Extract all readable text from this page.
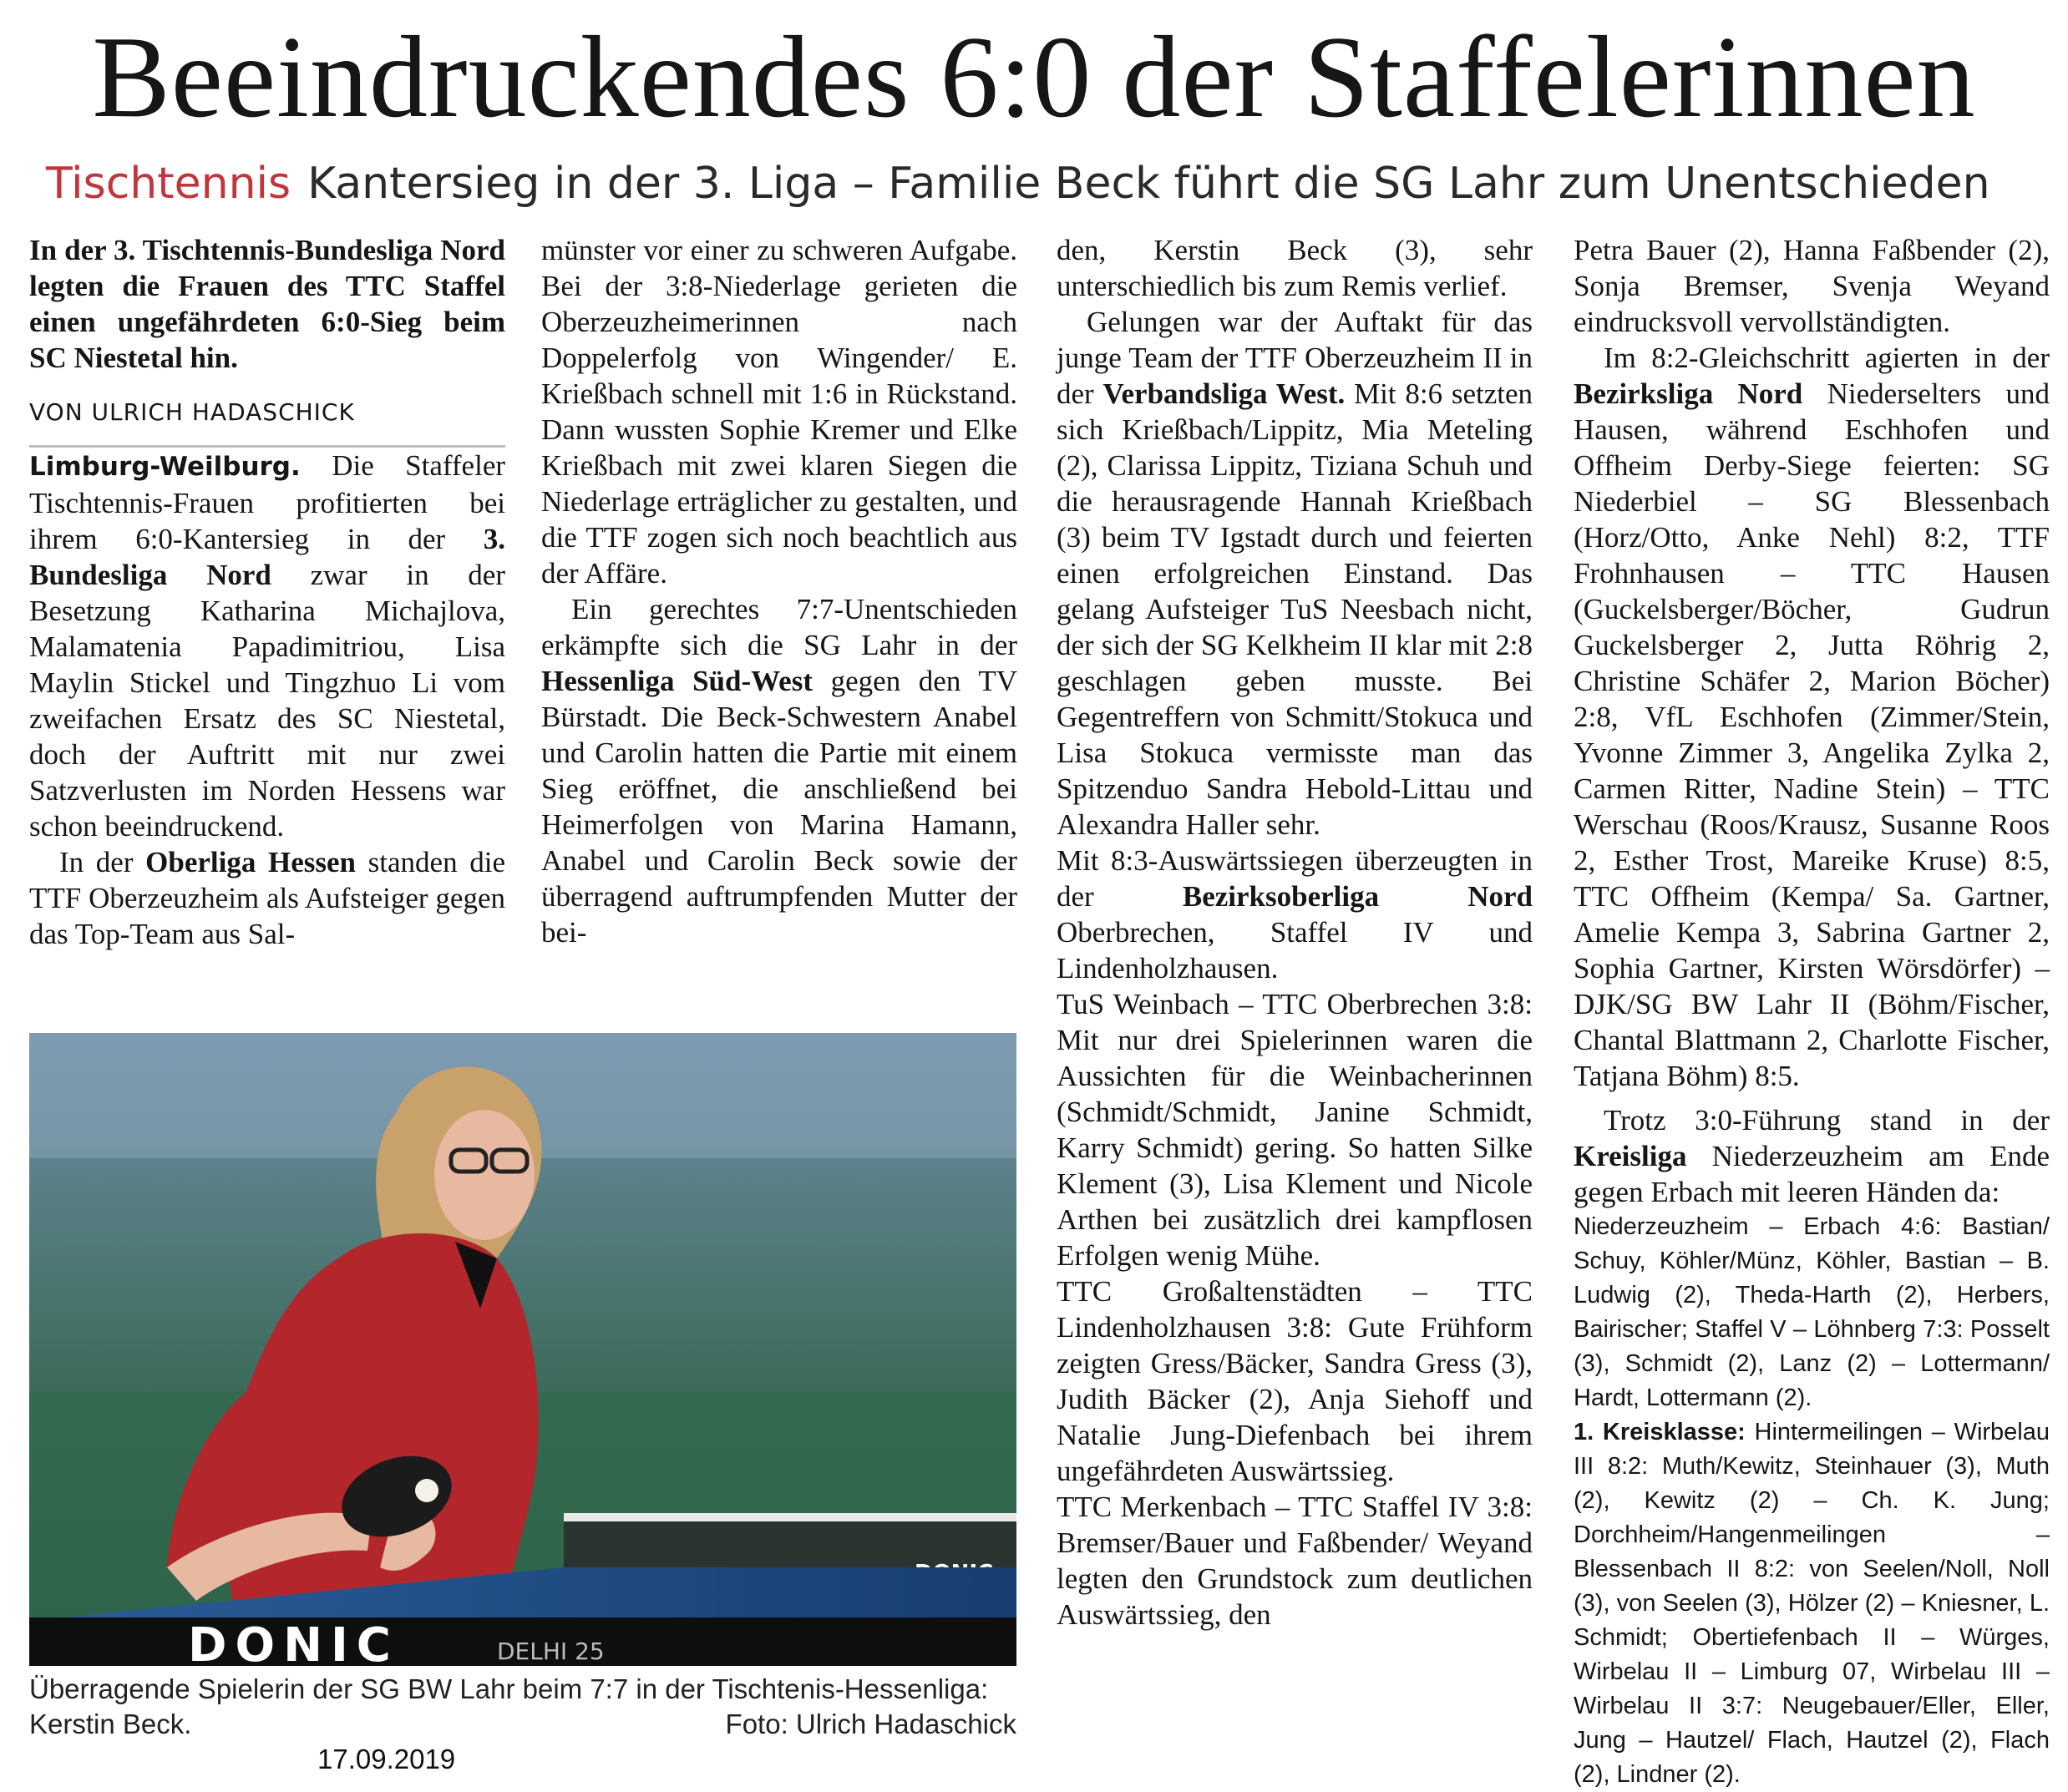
Beeindruckendes 6:0 der Staffelerinnen
Tischtennis Kantersieg in der 3. Liga – Familie Beck führt die SG Lahr zum Unentschieden

In der 3. Tischtennis-Bundesliga Nord legten die Frauen des TTC Staffel einen ungefährdeten 6:0-Sieg beim SC Niestetal hin.

VON ULRICH HADASCHICK

Limburg-Weilburg. Die Staffeler Tischtennis-Frauen profitierten bei ihrem 6:0-Kantersieg in der 3. Bundesliga Nord zwar in der Besetzung Katharina Michajlova, Malamatenia Papadimitriou, Lisa Maylin Stickel und Tingzhuo Li vom zweifachen Ersatz des SC Niestetal, doch der Auftritt mit nur zwei Satzverlusten im Norden Hessens war schon beeindruckend.

In der Oberliga Hessen standen die TTF Oberzeuzheim als Aufsteiger gegen das Top-Team aus Sal-

münster vor einer zu schweren Aufgabe. Bei der 3:8-Niederlage gerieten die Oberzeuzheimerinnen nach Doppelerfolg von Wingender/ E. Krießbach schnell mit 1:6 in Rückstand. Dann wussten Sophie Kremer und Elke Krießbach mit zwei klaren Siegen die Niederlage erträglicher zu gestalten, und die TTF zogen sich noch beachtlich aus der Affäre.

Ein gerechtes 7:7-Unentschieden erkämpfte sich die SG Lahr in der Hessenliga Süd-West gegen den TV Bürstadt. Die Beck-Schwestern Anabel und Carolin hatten die Partie mit einem Sieg eröffnet, die anschließend bei Heimerfolgen von Marina Hamann, Anabel und Carolin Beck sowie der überragend auftrumpfenden Mutter der bei-

den, Kerstin Beck (3), sehr unterschiedlich bis zum Remis verlief.

Gelungen war der Auftakt für das junge Team der TTF Oberzeuzheim II in der Verbandsliga West. Mit 8:6 setzten sich Krießbach/Lippitz, Mia Meteling (2), Clarissa Lippitz, Tiziana Schuh und die herausragende Hannah Krießbach (3) beim TV Igstadt durch und feierten einen erfolgreichen Einstand. Das gelang Aufsteiger TuS Neesbach nicht, der sich der SG Kelkheim II klar mit 2:8 geschlagen geben musste. Bei Gegentreffern von Schmitt/Stokuca und Lisa Stokuca vermisste man das Spitzenduo Sandra Hebold-Littau und Alexandra Haller sehr.

Mit 8:3-Auswärtssiegen überzeugten in der	Bezirksoberliga Nord Oberbrechen, Staffel IV und Lindenholzhausen.

TuS Weinbach – TTC Oberbrechen 3:8: Mit nur drei Spielerinnen waren die Aussichten für die Weinbacherinnen (Schmidt/Schmidt, Janine Schmidt, Karry Schmidt) gering. So hatten Silke Klement (3), Lisa Klement und Nicole Arthen bei zusätzlich drei kampflosen Erfolgen wenig Mühe.

TTC Großaltenstädten – TTC Lindenholzhausen 3:8: Gute Frühform zeigten Gress/Bäcker, Sandra Gress (3), Judith Bäcker (2), Anja Siehoff und Natalie Jung-Diefenbach bei ihrem ungefährdeten Auswärtssieg.

TTC Merkenbach – TTC Staffel IV 3:8: Bremser/Bauer und Faßbender/ Weyand legten den Grundstock zum deutlichen Auswärtssieg, den

Petra Bauer (2), Hanna Faßbender (2), Sonja Bremser, Svenja Weyand eindrucksvoll vervollständigten.

Im 8:2-Gleichschritt agierten in der Bezirksliga Nord Niederselters und Hausen, während Eschhofen und Offheim Derby-Siege feierten: SG Niederbiel – SG Blessenbach (Horz/Otto, Anke Nehl) 8:2, TTF Frohnhausen – TTC Hausen (Guckelsberger/Böcher, Gudrun Guckelsberger 2, Jutta Röhrig 2, Christine Schäfer 2, Marion Böcher) 2:8, VfL Eschhofen (Zimmer/Stein, Yvonne Zimmer 3, Angelika Zylka 2, Carmen Ritter, Nadine Stein) – TTC Werschau (Roos/Krausz, Susanne Roos 2, Esther Trost, Mareike Kruse) 8:5, TTC Offheim (Kempa/ Sa. Gartner, Amelie Kempa 3, Sabrina Gartner 2, Sophia Gartner, Kirsten Wörsdörfer) – DJK/SG BW Lahr II (Böhm/Fischer, Chantal Blattmann 2, Charlotte Fischer, Tatjana Böhm) 8:5.

Trotz 3:0-Führung stand in der Kreisliga Niederzeuzheim am Ende gegen Erbach mit leeren Händen da:

Niederzeuzheim – Erbach 4:6: Bastian/ Schuy, Köhler/Münz, Köhler, Bastian – B. Ludwig (2), Theda-Harth (2), Herbers, Bairischer; Staffel V – Löhnberg 7:3: Posselt (3), Schmidt (2), Lanz (2) – Lottermann/ Hardt, Lottermann (2).

1. Kreisklasse: Hintermeilingen – Wirbelau III 8:2: Muth/Kewitz, Steinhauer (3), Muth (2), Kewitz (2) – Ch. K. Jung; Dorchheim/Hangenmeilingen – Blessenbach II 8:2: von Seelen/Noll, Noll (3), von Seelen (3), Hölzer (2) – Kniesner, L. Schmidt; Obertiefenbach II – Würges, Wirbelau II – Limburg 07, Wirbelau III – Wirbelau II 3:7: Neugebauer/Eller, Eller, Jung – Hautzel/ Flach, Hautzel (2), Flach (2), Lindner (2).

DONIC	DELHI 25
Überragende Spielerin der SG BW Lahr beim 7:7 in der Tischtenis-Hessenliga: Kerstin Beck.	Foto: Ulrich Hadaschick
17.09.2019
